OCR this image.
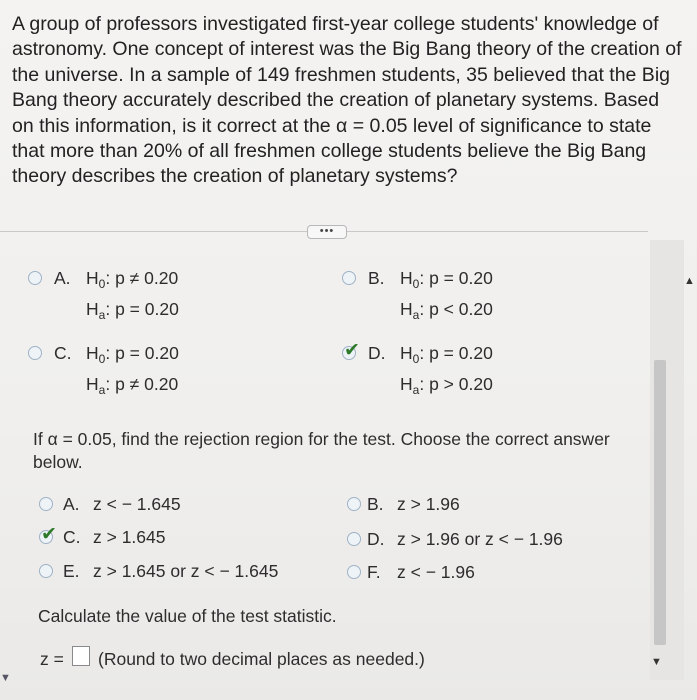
A group of professors investigated first-year college students' knowledge of astronomy. One concept of interest was the Big Bang theory of the creation of the universe. In a sample of 149 freshmen students, 35 believed that the Big Bang theory accurately described the creation of planetary systems. Based on this information, is it correct at the α = 0.05 level of significance to state that more than 20% of all freshmen college students believe the Big Bang theory describes the creation of planetary systems?

•••
A. $H_0$: p ≠ 0.20
$H_a$: p = 0.20
B. $H_0$: p = 0.20
$H_a$: p < 0.20
C. $H_0$: p = 0.20
$H_a$: p ≠ 0.20
✔ D. $H_0$: p = 0.20
$H_a$: p > 0.20
If α = 0.05, find the rejection region for the test. Choose the correct answer below.
A. z < − 1.645	B. z > 1.96
✔ C. z > 1.645	D. z > 1.96 or z < − 1.96
E. z > 1.645 or z < − 1.645	F. z < − 1.96
Calculate the value of the test statistic.
z = (Round to two decimal places as needed.)
▲
▼
▼
